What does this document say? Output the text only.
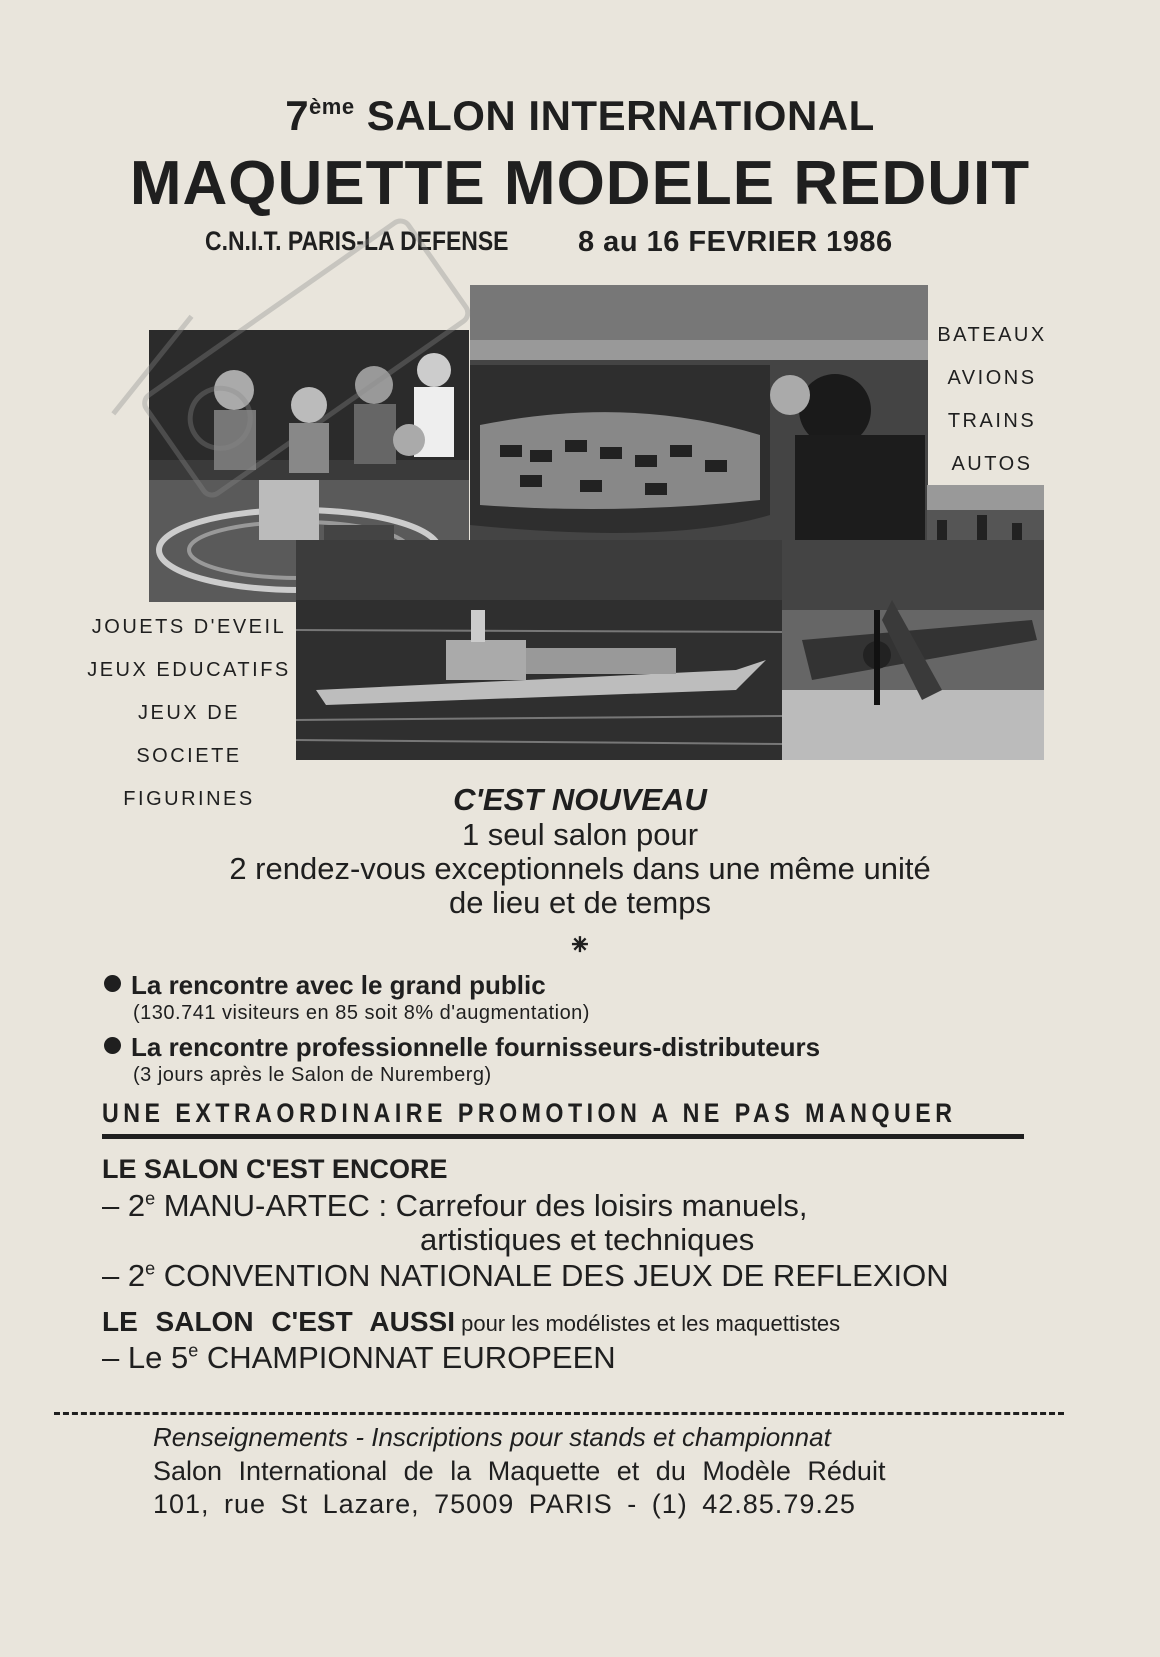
7ème SALON INTERNATIONAL
MAQUETTE MODELE REDUIT
C.N.I.T. PARIS-LA DEFENSE 8 au 16 FEVRIER 1986
BATEAUX
AVIONS
TRAINS
AUTOS
JOUETS D'EVEIL
JEUX EDUCATIFS
JEUX DE SOCIETE
FIGURINES	C'EST NOUVEAU
1 seul salon pour
2 rendez-vous exceptionnels dans une même unité
de lieu et de temps
⁕
La rencontre avec le grand public
(130.741 visiteurs en 85 soit 8% d'augmentation)
La rencontre professionnelle fournisseurs-distributeurs
(3 jours après le Salon de Nuremberg)
UNE EXTRAORDINAIRE PROMOTION A NE PAS MANQUER
LE SALON C'EST ENCORE
– 2e MANU-ARTEC : Carrefour des loisirs manuels,
artistiques et techniques
– 2e CONVENTION NATIONALE DES JEUX DE REFLEXION
LE SALON C'EST AUSSI pour les modélistes et les maquettistes
– Le 5e CHAMPIONNAT EUROPEEN
Renseignements - Inscriptions pour stands et championnat
Salon International de la Maquette et du Modèle Réduit
101, rue St Lazare, 75009 PARIS - (1) 42.85.79.25
